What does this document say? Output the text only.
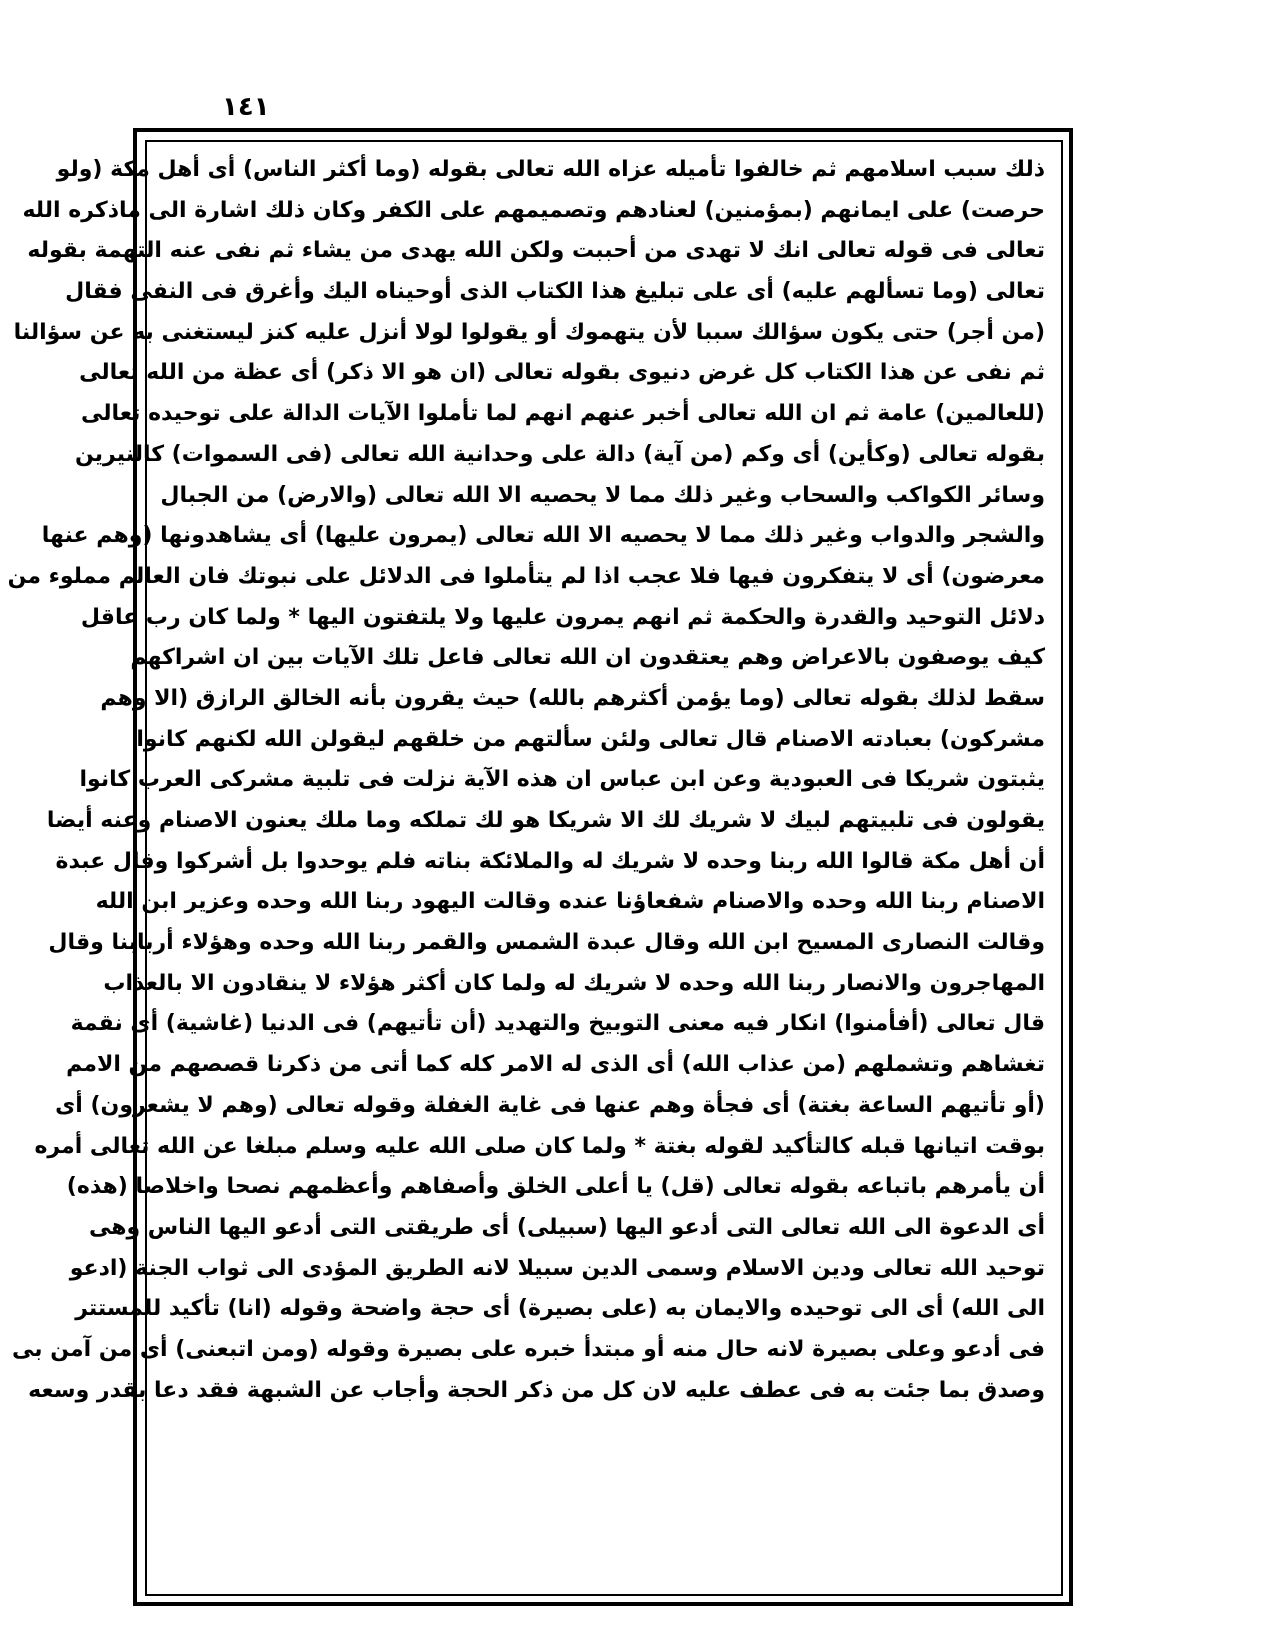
١٤١
ذلك سبب اسلامهم ثم خالفوا تأميله عزاه الله تعالى بقوله (وما أكثر الناس) أى أهل مكة (ولو
حرصت) على ايمانهم (بمؤمنين) لعنادهم وتصميمهم على الكفر وكان ذلك اشارة الى ماذكره الله
تعالى فى قوله تعالى انك لا تهدى من أحببت ولكن الله يهدى من يشاء ثم نفى عنه التهمة بقوله
تعالى (وما تسألهم عليه) أى على تبليغ هذا الكتاب الذى أوحيناه اليك وأغرق فى النفى فقال
(من أجر) حتى يكون سؤالك سببا لأن يتهموك أو يقولوا لولا أنزل عليه كنز ليستغنى به عن سؤالنا
ثم نفى عن هذا الكتاب كل غرض دنيوى بقوله تعالى (ان هو الا ذكر) أى عظة من الله تعالى
(للعالمين) عامة ثم ان الله تعالى أخبر عنهم انهم لما تأملوا الآيات الدالة على توحيده تعالى
بقوله تعالى (وكأين) أى وكم (من آية) دالة على وحدانية الله تعالى (فى السموات) كالنيرين
وسائر الكواكب والسحاب وغير ذلك مما لا يحصيه الا الله تعالى (والارض) من الجبال
والشجر والدواب وغير ذلك مما لا يحصيه الا الله تعالى (يمرون عليها) أى يشاهدونها (وهم عنها
معرضون) أى لا يتفكرون فيها فلا عجب اذا لم يتأملوا فى الدلائل على نبوتك فان العالم مملوء من
دلائل التوحيد والقدرة والحكمة ثم انهم يمرون عليها ولا يلتفتون اليها * ولما كان رب عاقل
كيف يوصفون بالاعراض وهم يعتقدون ان الله تعالى فاعل تلك الآيات بين ان اشراكهم
سقط لذلك بقوله تعالى (وما يؤمن أكثرهم بالله) حيث يقرون بأنه الخالق الرازق (الا وهم
مشركون) بعبادته الاصنام قال تعالى ولئن سألتهم من خلقهم ليقولن الله لكنهم كانوا
يثبتون شريكا فى العبودية وعن ابن عباس ان هذه الآية نزلت فى تلبية مشركى العرب كانوا
يقولون فى تلبيتهم لبيك لا شريك لك الا شريكا هو لك تملكه وما ملك يعنون الاصنام وعنه أيضا
أن أهل مكة قالوا الله ربنا وحده لا شريك له والملائكة بناته فلم يوحدوا بل أشركوا وقال عبدة
الاصنام ربنا الله وحده والاصنام شفعاؤنا عنده وقالت اليهود ربنا الله وحده وعزير ابن الله
وقالت النصارى المسيح ابن الله وقال عبدة الشمس والقمر ربنا الله وحده وهؤلاء أربابنا وقال
المهاجرون والانصار ربنا الله وحده لا شريك له ولما كان أكثر هؤلاء لا ينقادون الا بالعذاب
قال تعالى (أفأمنوا) انكار فيه معنى التوبيخ والتهديد (أن تأتيهم) فى الدنيا (غاشية) أى نقمة
تغشاهم وتشملهم (من عذاب الله) أى الذى له الامر كله كما أتى من ذكرنا قصصهم من الامم
(أو تأتيهم الساعة بغتة) أى فجأة وهم عنها فى غاية الغفلة وقوله تعالى (وهم لا يشعرون) أى
بوقت اتيانها قبله كالتأكيد لقوله بغتة * ولما كان صلى الله عليه وسلم مبلغا عن الله تعالى أمره
أن يأمرهم باتباعه بقوله تعالى (قل) يا أعلى الخلق وأصفاهم وأعظمهم نصحا واخلاصا (هذه)
أى الدعوة الى الله تعالى التى أدعو اليها (سبيلى) أى طريقتى التى أدعو اليها الناس وهى
توحيد الله تعالى ودين الاسلام وسمى الدين سبيلا لانه الطريق المؤدى الى ثواب الجنة (ادعو
الى الله) أى الى توحيده والايمان به (على بصيرة) أى حجة واضحة وقوله (انا) تأكيد للمستتر
فى أدعو وعلى بصيرة لانه حال منه أو مبتدأ خبره على بصيرة وقوله (ومن اتبعنى) أى من آمن بى
وصدق بما جئت به فى عطف عليه لان كل من ذكر الحجة وأجاب عن الشبهة فقد دعا بقدر وسعه
